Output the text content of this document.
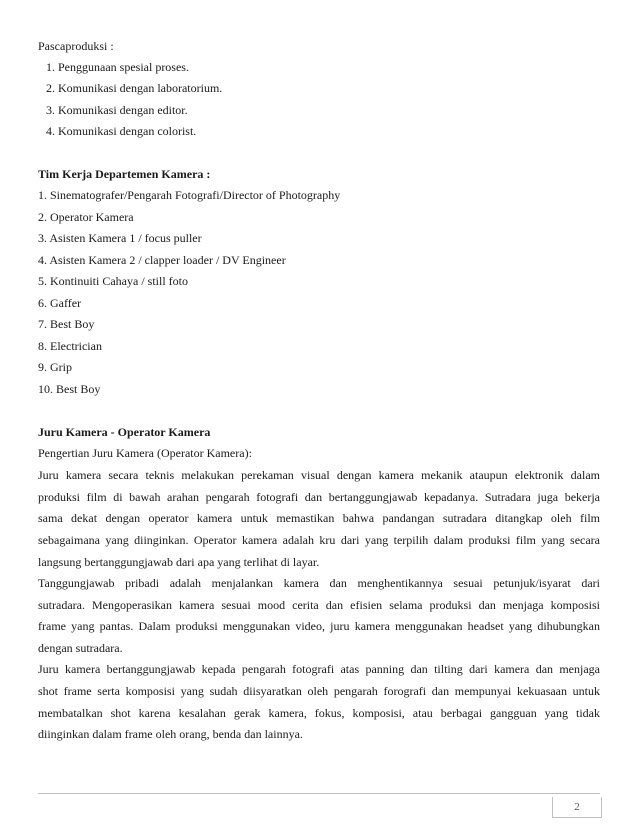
Pascaproduksi :
1. Penggunaan spesial proses.
2. Komunikasi dengan laboratorium.
3. Komunikasi dengan editor.
4. Komunikasi dengan colorist.
Tim Kerja Departemen Kamera :
1. Sinematografer/Pengarah Fotografi/Director of Photography
2. Operator Kamera
3. Asisten Kamera 1 / focus puller
4. Asisten Kamera 2 / clapper loader / DV Engineer
5. Kontinuiti Cahaya / still foto
6. Gaffer
7. Best Boy
8. Electrician
9. Grip
10. Best Boy
Juru Kamera - Operator Kamera
Pengertian Juru Kamera (Operator Kamera):
Juru kamera secara teknis melakukan perekaman visual dengan kamera mekanik ataupun elektronik dalam
produksi film di bawah arahan pengarah fotografi dan bertanggungjawab kepadanya. Sutradara juga bekerja
sama dekat dengan operator kamera untuk memastikan bahwa pandangan sutradara ditangkap oleh film
sebagaimana yang diinginkan. Operator kamera adalah kru dari yang terpilih dalam produksi film yang secara
langsung bertanggungjawab dari apa yang terlihat di layar.
Tanggungjawab pribadi adalah menjalankan kamera dan menghentikannya sesuai petunjuk/isyarat dari
sutradara. Mengoperasikan kamera sesuai mood cerita dan efisien selama produksi dan menjaga komposisi
frame yang pantas. Dalam produksi menggunakan video, juru kamera menggunakan headset yang dihubungkan
dengan sutradara.
Juru kamera bertanggungjawab kepada pengarah fotografi atas panning dan tilting dari kamera dan menjaga
shot frame serta komposisi yang sudah diisyaratkan oleh pengarah forografi dan mempunyai kekuasaan untuk
membatalkan shot karena kesalahan gerak kamera, fokus, komposisi, atau berbagai gangguan yang tidak
diinginkan dalam frame oleh orang, benda dan lainnya.
2
